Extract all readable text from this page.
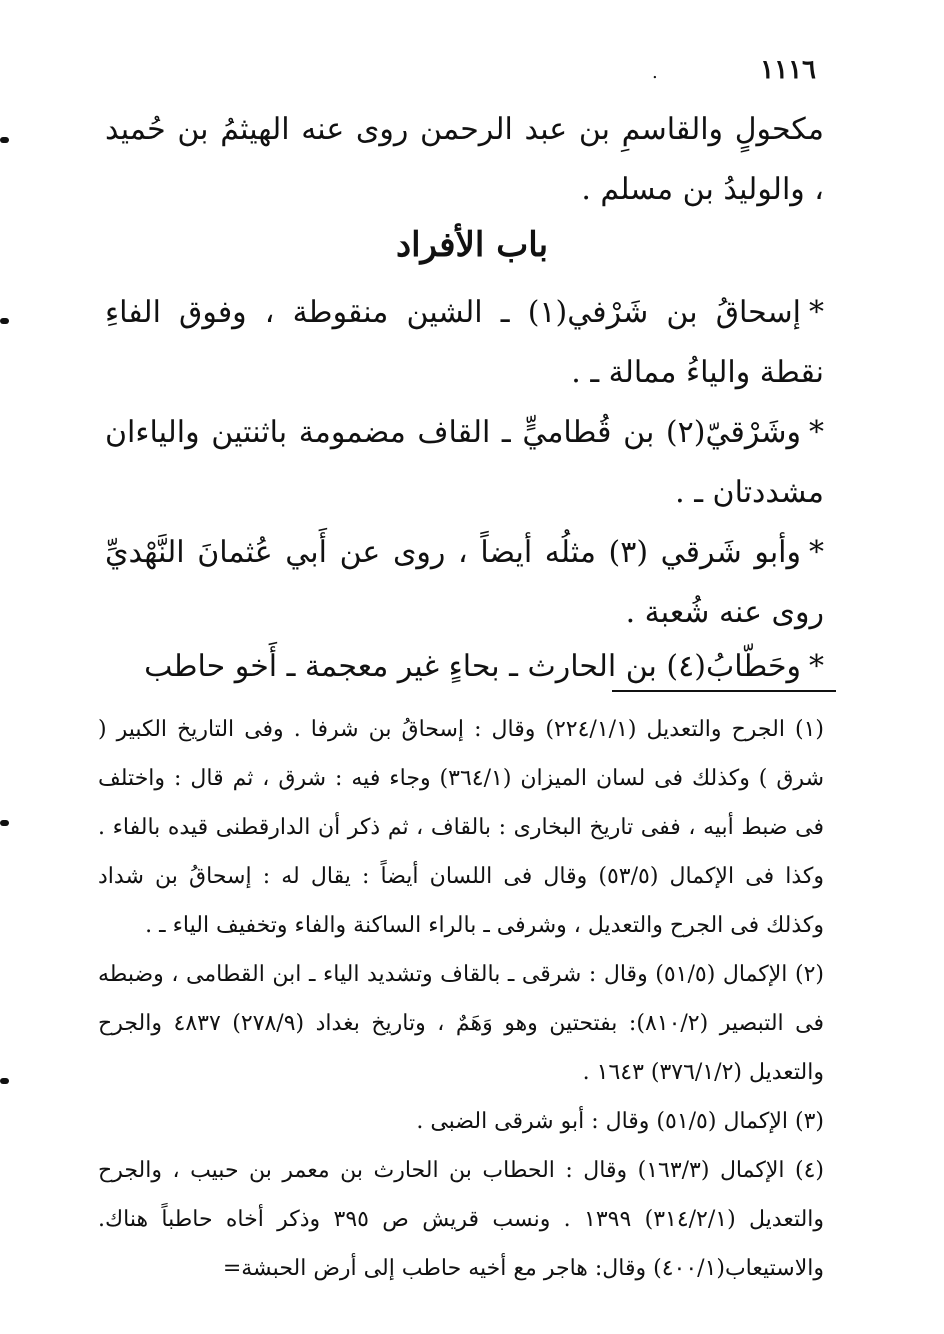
١١١٦
.
مكحولٍ والقاسمِ بن عبد الرحمن روى عنه الهيثمُ بن حُميد ، والوليدُ بن مسلم .
باب الأفراد
*إسحاقُ بن شَرْفي(١) ـ الشين منقوطة ، وفوق الفاءِ نقطة والياءُ ممالة ـ .
*وشَرْقيّ(٢) بن قُطاميٍّ ـ القاف مضمومة باثنتين والياءان مشددتان ـ .
*وأبو شَرقي (٣) مثلُه أيضاً ، روى عن أَبي عُثمانَ النَّهْديِّ روى عنه شُعبة .
*وحَطّابُ(٤) بن الحارث ـ بحاءٍ غير معجمة ـ أَخو حاطب

(١) الجرح والتعديل (٢٢٤/١/١) وقال : إسحاقُ بن شرفا . وفى التاريخ الكبير ( شرق ) وكذلك فى لسان الميزان (٣٦٤/١) وجاء فيه : شرق ، ثم قال : واختلف فى ضبط أبيه ، ففى تاريخ البخارى : بالقاف ، ثم ذكر أن الدارقطنى قيده بالفاء . وكذا فى الإكمال (٥٣/٥) وقال فى اللسان أيضاً : يقال له : إسحاقُ بن شداد وكذلك فى الجرح والتعديل ، وشرفى ـ بالراء الساكنة والفاء وتخفيف الياء ـ .

(٢) الإكمال (٥١/٥) وقال : شرقى ـ بالقاف وتشديد الياء ـ ابن القطامى ، وضبطه فى التبصير (٨١٠/٢): بفتحتين وهو وَهَمٌ ، وتاريخ بغداد (٢٧٨/٩) ٤٨٣٧ والجرح والتعديل (٣٧٦/١/٢) ١٦٤٣ .

(٣) الإكمال (٥١/٥) وقال : أبو شرقى الضبى .

(٤) الإكمال (١٦٣/٣) وقال : الحطاب بن الحارث بن معمر بن حبيب ، والجرح والتعديل (٣١٤/٢/١) ١٣٩٩ . ونسب قريش ص ٣٩٥ وذكر أخاه حاطباً هناك. والاستيعاب(٤٠٠/١) وقال: هاجر مع أخيه حاطب إلى أرض الحبشة=
